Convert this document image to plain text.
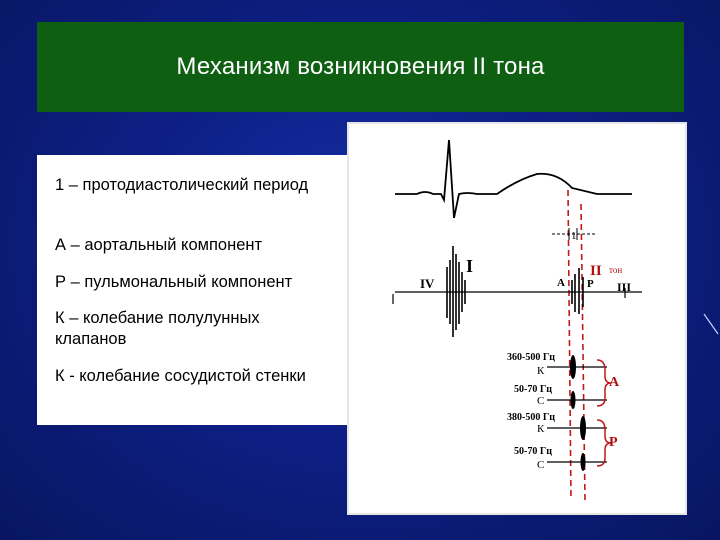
Механизм возникновения II тона
1 – протодиастолический период
А – аортальный компонент
Р – пульмональный компонент
К – колебание полулунных клапанов
К - колебание сосудистой стенки
1
IV
I	II тон
III
A P
360-500 Гц
К
50-70 Гц
С
380-500 Гц
К
50-70 Гц
С
A
P
